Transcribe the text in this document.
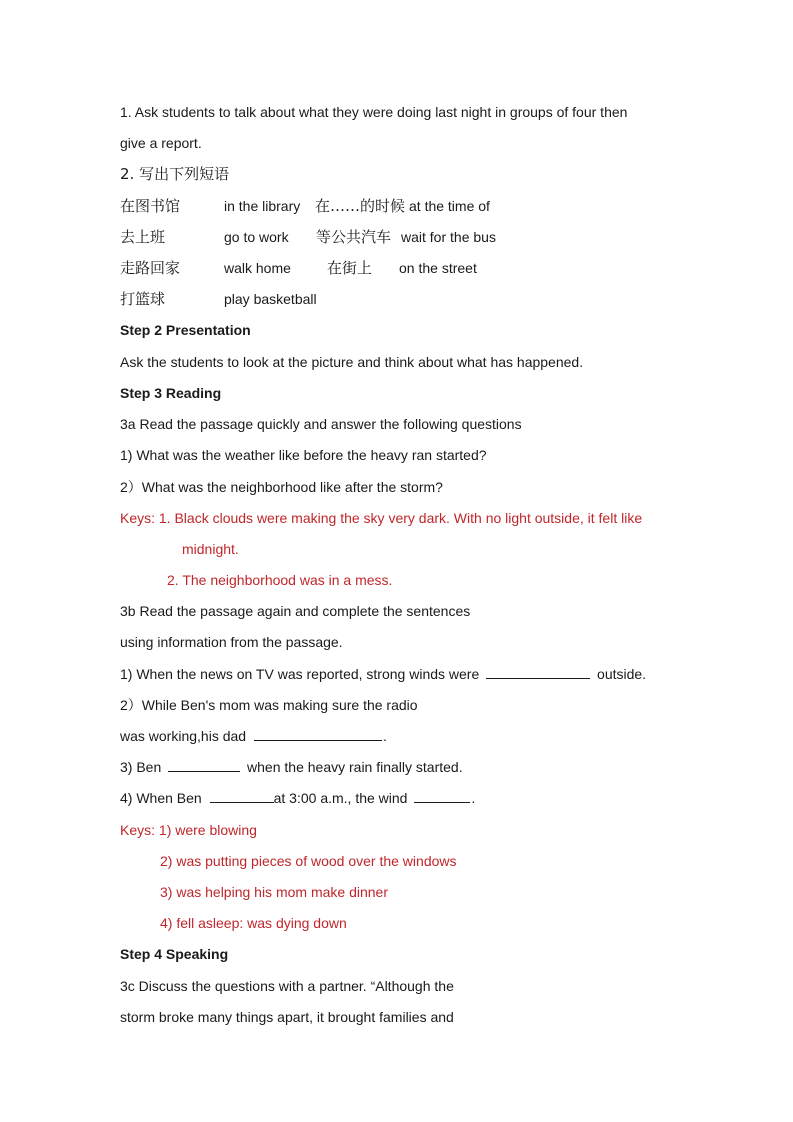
1. Ask students to talk about what they were doing last night in groups of four then

give a report.

2. 写出下列短语

在图书馆	in the library 在……的时候 at the time of
去上班	go to work 等公共汽车 wait for the bus
走路回家	walk home 在街上 on the street
打篮球	play basketball

Step 2 Presentation

Ask the students to look at the picture and think about what has happened.

Step 3 Reading

3a Read the passage quickly and answer the following questions

1) What was the weather like before the heavy ran started?

2）What was the neighborhood like after the storm?

Keys: 1. Black clouds were making the sky very dark. With no light outside, it felt like

midnight.

2. The neighborhood was in a mess.

3b Read the passage again and complete the sentences

using information from the passage.

1) When the news on TV was reported, strong winds were	outside.

2）While Ben's mom was making sure the radio

was working,his dad	.

3) Ben	when the heavy rain finally started.

4) When Ben	at 3:00 a.m., the wind	.

Keys: 1) were blowing

2) was putting pieces of wood over the windows

3) was helping his mom make dinner

4) fell asleep: was dying down

Step 4 Speaking

3c Discuss the questions with a partner. “Although the

storm broke many things apart, it brought families and
